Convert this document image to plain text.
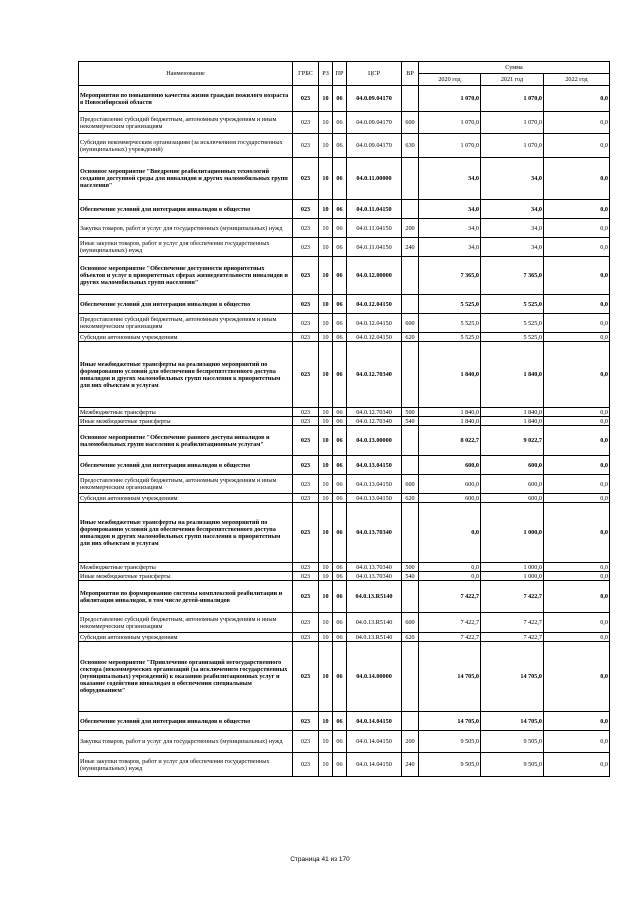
Наименование	ГРБС	РЗ	ПР	ЦСР	ВР	Сумма		
						2020 год	2021 год	2022 год
Мероприятия по повышению качества жизни граждан пожилого возраста в Новосибирской области	023	10	06	04.0.09.04170		1 070,0	1 070,0	0,0
Предоставление субсидий бюджетным, автономным учреждениям и иным некоммерческим организациям	023	10	06	04.0.09.04170	600	1 070,0	1 070,0	0,0
Субсидии некоммерческим организациям (за исключением государственных (муниципальных) учреждений)	023	10	06	04.0.09.04170	630	1 070,0	1 070,0	0,0
Основное мероприятие "Внедрение реабилитационных технологий создания доступной среды для инвалидов и других маломобильных групп населения"	023	10	06	04.0.11.00000		34,0	34,0	0,0
Обеспечение условий для интеграции инвалидов в общество	023	10	06	04.0.11.04150		34,0	34,0	0,0
Закупка товаров, работ и услуг для государственных (муниципальных) нужд	023	10	06	04.0.11.04150	200	34,0	34,0	0,0
Иные закупки товаров, работ и услуг для обеспечения государственных (муниципальных) нужд	023	10	06	04.0.11.04150	240	34,0	34,0	0,0
Основное мероприятие "Обеспечение доступности приоритетных объектов и услуг в приоритетных сферах жизнедеятельности инвалидов и других маломобильных групп населения"	023	10	06	04.0.12.00000		7 365,0	7 365,0	0,0
Обеспечение условий для интеграции инвалидов в общество	023	10	06	04.0.12.04150		5 525,0	5 525,0	0,0
Предоставление субсидий бюджетным, автономным учреждениям и иным некоммерческим организациям	023	10	06	04.0.12.04150	600	5 525,0	5 525,0	0,0
Субсидии автономным учреждениям	023	10	06	04.0.12.04150	620	5 525,0	5 525,0	0,0
Иные межбюджетные трансферты на реализацию мероприятий по формированию условий для обеспечения беспрепятственного доступа инвалидов и других маломобильных групп населения к приоритетным для них объектам и услугам	023	10	06	04.0.12.70340		1 840,0	1 840,0	0,0
Межбюджетные трансферты	023	10	06	04.0.12.70340	500	1 840,0	1 840,0	0,0
Иные межбюджетные трансферты	023	10	06	04.0.12.70340	540	1 840,0	1 840,0	0,0
Основное мероприятие "Обеспечение равного доступа инвалидов и маломобильных групп населения к реабилитационным услугам"	023	10	06	04.0.13.00000		8 022,7	9 022,7	0,0
Обеспечение условий для интеграции инвалидов в общество	023	10	06	04.0.13.04150		600,0	600,0	0,0
Предоставление субсидий бюджетным, автономным учреждениям и иным некоммерческим организациям	023	10	06	04.0.13.04150	600	600,0	600,0	0,0
Субсидии автономным учреждениям	023	10	06	04.0.13.04150	620	600,0	600,0	0,0
Иные межбюджетные трансферты на реализацию мероприятий по формированию условий для обеспечения беспрепятственного доступа инвалидов и других маломобильных групп населения к приоритетным для них объектам и услугам	023	10	06	04.0.13.70340		0,0	1 000,0	0,0
Межбюджетные трансферты	023	10	06	04.0.13.70340	500	0,0	1 000,0	0,0
Иные межбюджетные трансферты	023	10	06	04.0.13.70340	540	0,0	1 000,0	0,0
Мероприятия по формированию системы комплексной реабилитации и абилитации инвалидов, в том числе детей-инвалидов	023	10	06	04.0.13.R5140		7 422,7	7 422,7	0,0
Предоставление субсидий бюджетным, автономным учреждениям и иным некоммерческим организациям	023	10	06	04.0.13.R5140	600	7 422,7	7 422,7	0,0
Субсидии автономным учреждениям	023	10	06	04.0.13.R5140	620	7 422,7	7 422,7	0,0
Основное мероприятие "Привлечение организаций негосударственного сектора (некоммерческих организаций (за исключением государственных (муниципальных) учреждений) к оказанию реабилитационных услуг и оказание содействия инвалидам в обеспечении специальным оборудованием"	023	10	06	04.0.14.00000		14 705,0	14 705,0	0,0
Обеспечение условий для интеграции инвалидов в общество	023	10	06	04.0.14.04150		14 705,0	14 705,0	0,0
Закупка товаров, работ и услуг для государственных (муниципальных) нужд	023	10	06	04.0.14.04150	200	9 505,0	9 505,0	0,0
Иные закупки товаров, работ и услуг для обеспечения государственных (муниципальных) нужд	023	10	06	04.0.14.04150	240	9 505,0	9 505,0	0,0
Страница 41 из 170
